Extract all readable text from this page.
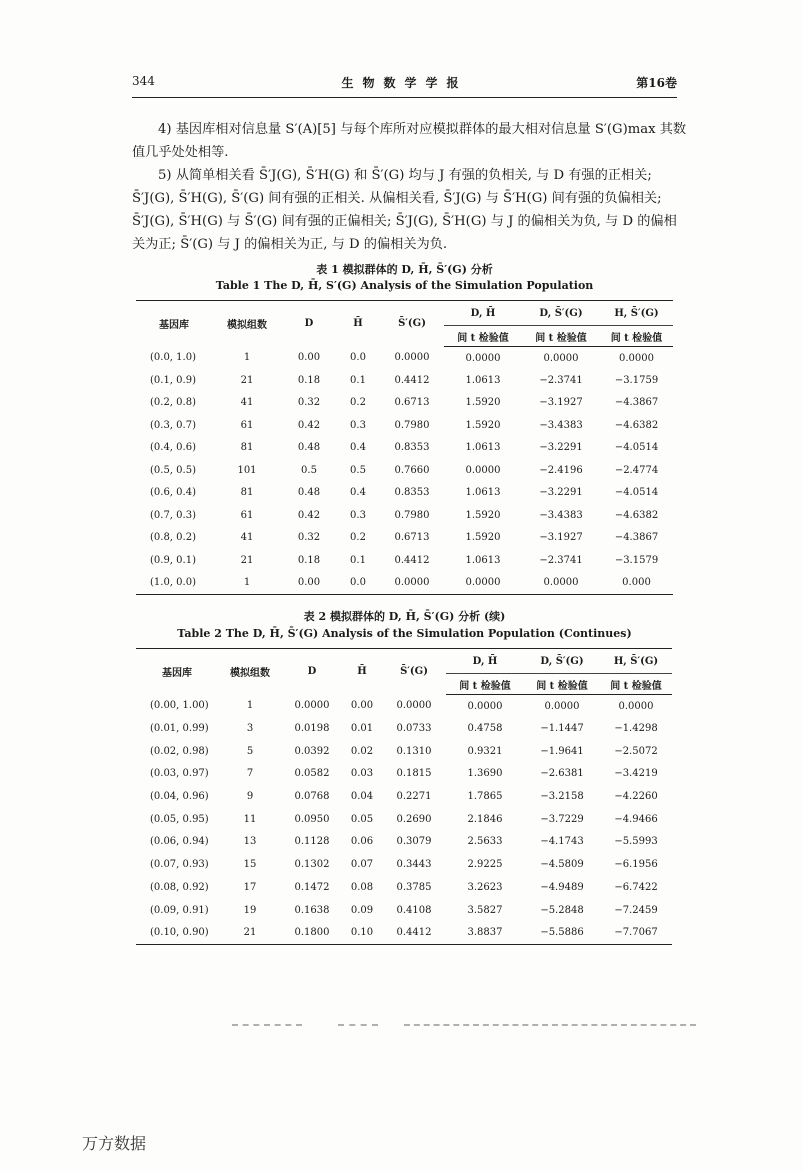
344	生物数学学报	第16卷
4) 基因库相对信息量 S′(A)[5] 与每个库所对应模拟群体的最大相对信息量 S′(G)max 其数
值几乎处处相等.
5) 从简单相关看 S̄′J(G), S̄′H(G) 和 S̄′(G) 均与 J 有强的负相关, 与 D 有强的正相关;
S̄′J(G), S̄′H(G), S̄′(G) 间有强的正相关. 从偏相关看, S̄′J(G) 与 S̄′H(G) 间有强的负偏相关;
S̄′J(G), S̄′H(G) 与 S̄′(G) 间有强的正偏相关; S̄′J(G), S̄′H(G) 与 J 的偏相关为负, 与 D 的偏相
关为正; S̄′(G) 与 J 的偏相关为正, 与 D 的偏相关为负.
表 1 模拟群体的 D, H̄, S̄′(G) 分析
Table 1 The D, H̄, S′(G) Analysis of the Simulation Population
基因库	模拟组数	D	H̄	S̄′(G)	D, H̄	D, S̄′(G)	H, S̄′(G)
					间 t 检验值	间 t 检验值	间 t 检验值
(0.0, 1.0)	1	0.00	0.0	0.0000	0.0000	0.0000	0.0000
(0.1, 0.9)	21	0.18	0.1	0.4412	1.0613	−2.3741	−3.1759
(0.2, 0.8)	41	0.32	0.2	0.6713	1.5920	−3.1927	−4.3867
(0.3, 0.7)	61	0.42	0.3	0.7980	1.5920	−3.4383	−4.6382
(0.4, 0.6)	81	0.48	0.4	0.8353	1.0613	−3.2291	−4.0514
(0.5, 0.5)	101	0.5	0.5	0.7660	0.0000	−2.4196	−2.4774
(0.6, 0.4)	81	0.48	0.4	0.8353	1.0613	−3.2291	−4.0514
(0.7, 0.3)	61	0.42	0.3	0.7980	1.5920	−3.4383	−4.6382
(0.8, 0.2)	41	0.32	0.2	0.6713	1.5920	−3.1927	−4.3867
(0.9, 0.1)	21	0.18	0.1	0.4412	1.0613	−2.3741	−3.1579
(1.0, 0.0)	1	0.00	0.0	0.0000	0.0000	0.0000	0.000
表 2 模拟群体的 D, H̄, S̄′(G) 分析 (续)
Table 2 The D, H̄, S̄′(G) Analysis of the Simulation Population (Continues)
基因库	模拟组数	D	H̄	S̄′(G)	D, H̄	D, S̄′(G)	H, S̄′(G)
					间 t 检验值	间 t 检验值	间 t 检验值
(0.00, 1.00)	1	0.0000	0.00	0.0000	0.0000	0.0000	0.0000
(0.01, 0.99)	3	0.0198	0.01	0.0733	0.4758	−1.1447	−1.4298
(0.02, 0.98)	5	0.0392	0.02	0.1310	0.9321	−1.9641	−2.5072
(0.03, 0.97)	7	0.0582	0.03	0.1815	1.3690	−2.6381	−3.4219
(0.04, 0.96)	9	0.0768	0.04	0.2271	1.7865	−3.2158	−4.2260
(0.05, 0.95)	11	0.0950	0.05	0.2690	2.1846	−3.7229	−4.9466
(0.06, 0.94)	13	0.1128	0.06	0.3079	2.5633	−4.1743	−5.5993
(0.07, 0.93)	15	0.1302	0.07	0.3443	2.9225	−4.5809	−6.1956
(0.08, 0.92)	17	0.1472	0.08	0.3785	3.2623	−4.9489	−6.7422
(0.09, 0.91)	19	0.1638	0.09	0.4108	3.5827	−5.2848	−7.2459
(0.10, 0.90)	21	0.1800	0.10	0.4412	3.8837	−5.5886	−7.7067
万方数据
